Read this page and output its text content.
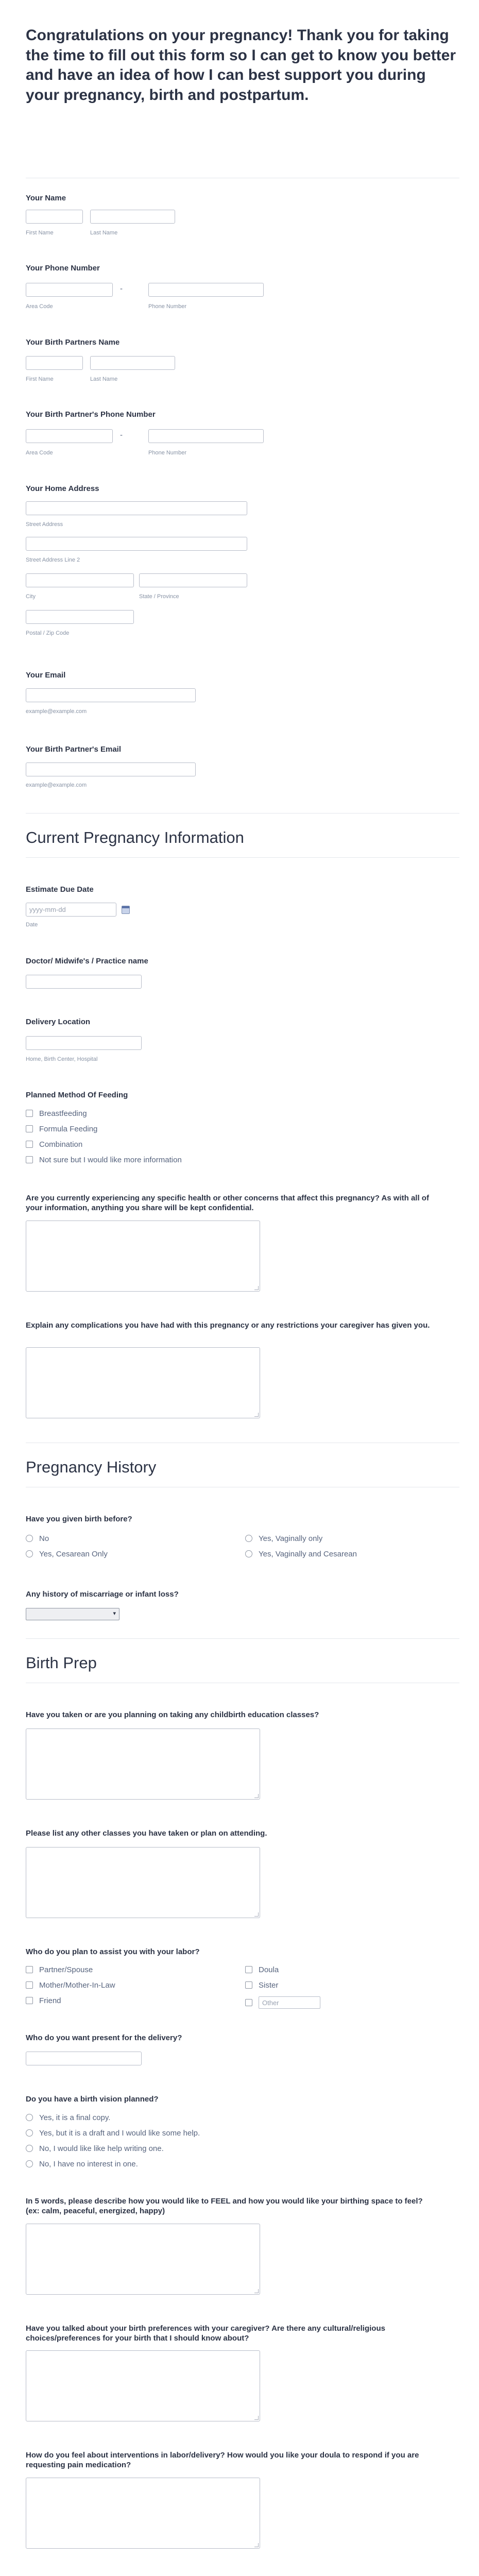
Congratulations on your pregnancy! Thank you for taking the time to fill out this form so I can get to know you better and have an idea of how I can best support you during your pregnancy, birth and postpartum.
Your Name
First Name	Last Name
Your Phone Number
-
Area Code	Phone Number
Your Birth Partners Name
First Name	Last Name
Your Birth Partner's Phone Number
-
Area Code	Phone Number
Your Home Address
Street Address
Street Address Line 2
City	State / Province
Postal / Zip Code
Your Email
example@example.com
Your Birth Partner's Email
example@example.com
Current Pregnancy Information
Estimate Due Date
yyyy-mm-dd
Date
Doctor/ Midwife's / Practice name
Delivery Location
Home, Birth Center, Hospital
Planned Method Of Feeding
Breastfeeding
Formula Feeding
Combination
Not sure but I would like more information
Are you currently experiencing any specific health or other concerns that affect this pregnancy? As with all of your information, anything you share will be kept confidential.
Explain any complications you have had with this pregnancy or any restrictions your caregiver has given you.
Pregnancy History
Have you given birth before?
No	Yes, Vaginally only
Yes, Cesarean Only	Yes, Vaginally and Cesarean
Any history of miscarriage or infant loss?
▾
Birth Prep
Have you taken or are you planning on taking any childbirth education classes?
Please list any other classes you have taken or plan on attending.
Who do you plan to assist you with your labor?
Partner/Spouse
Mother/Mother-In-Law
Friend
Doula
Sister
Other
Who do you want present for the delivery?
Do you have a birth vision planned?
Yes, it is a final copy.
Yes, but it is a draft and I would like some help.
No, I would like like help writing one.
No, I have no interest in one.
In 5 words, please describe how you would like to FEEL and how you would like your birthing space to feel? (ex: calm, peaceful, energized, happy)
Have you talked about your birth preferences with your caregiver? Are there any cultural/religious choices/preferences for your birth that I should know about?
How do you feel about interventions in labor/delivery? How would you like your doula to respond if you are requesting pain medication?
